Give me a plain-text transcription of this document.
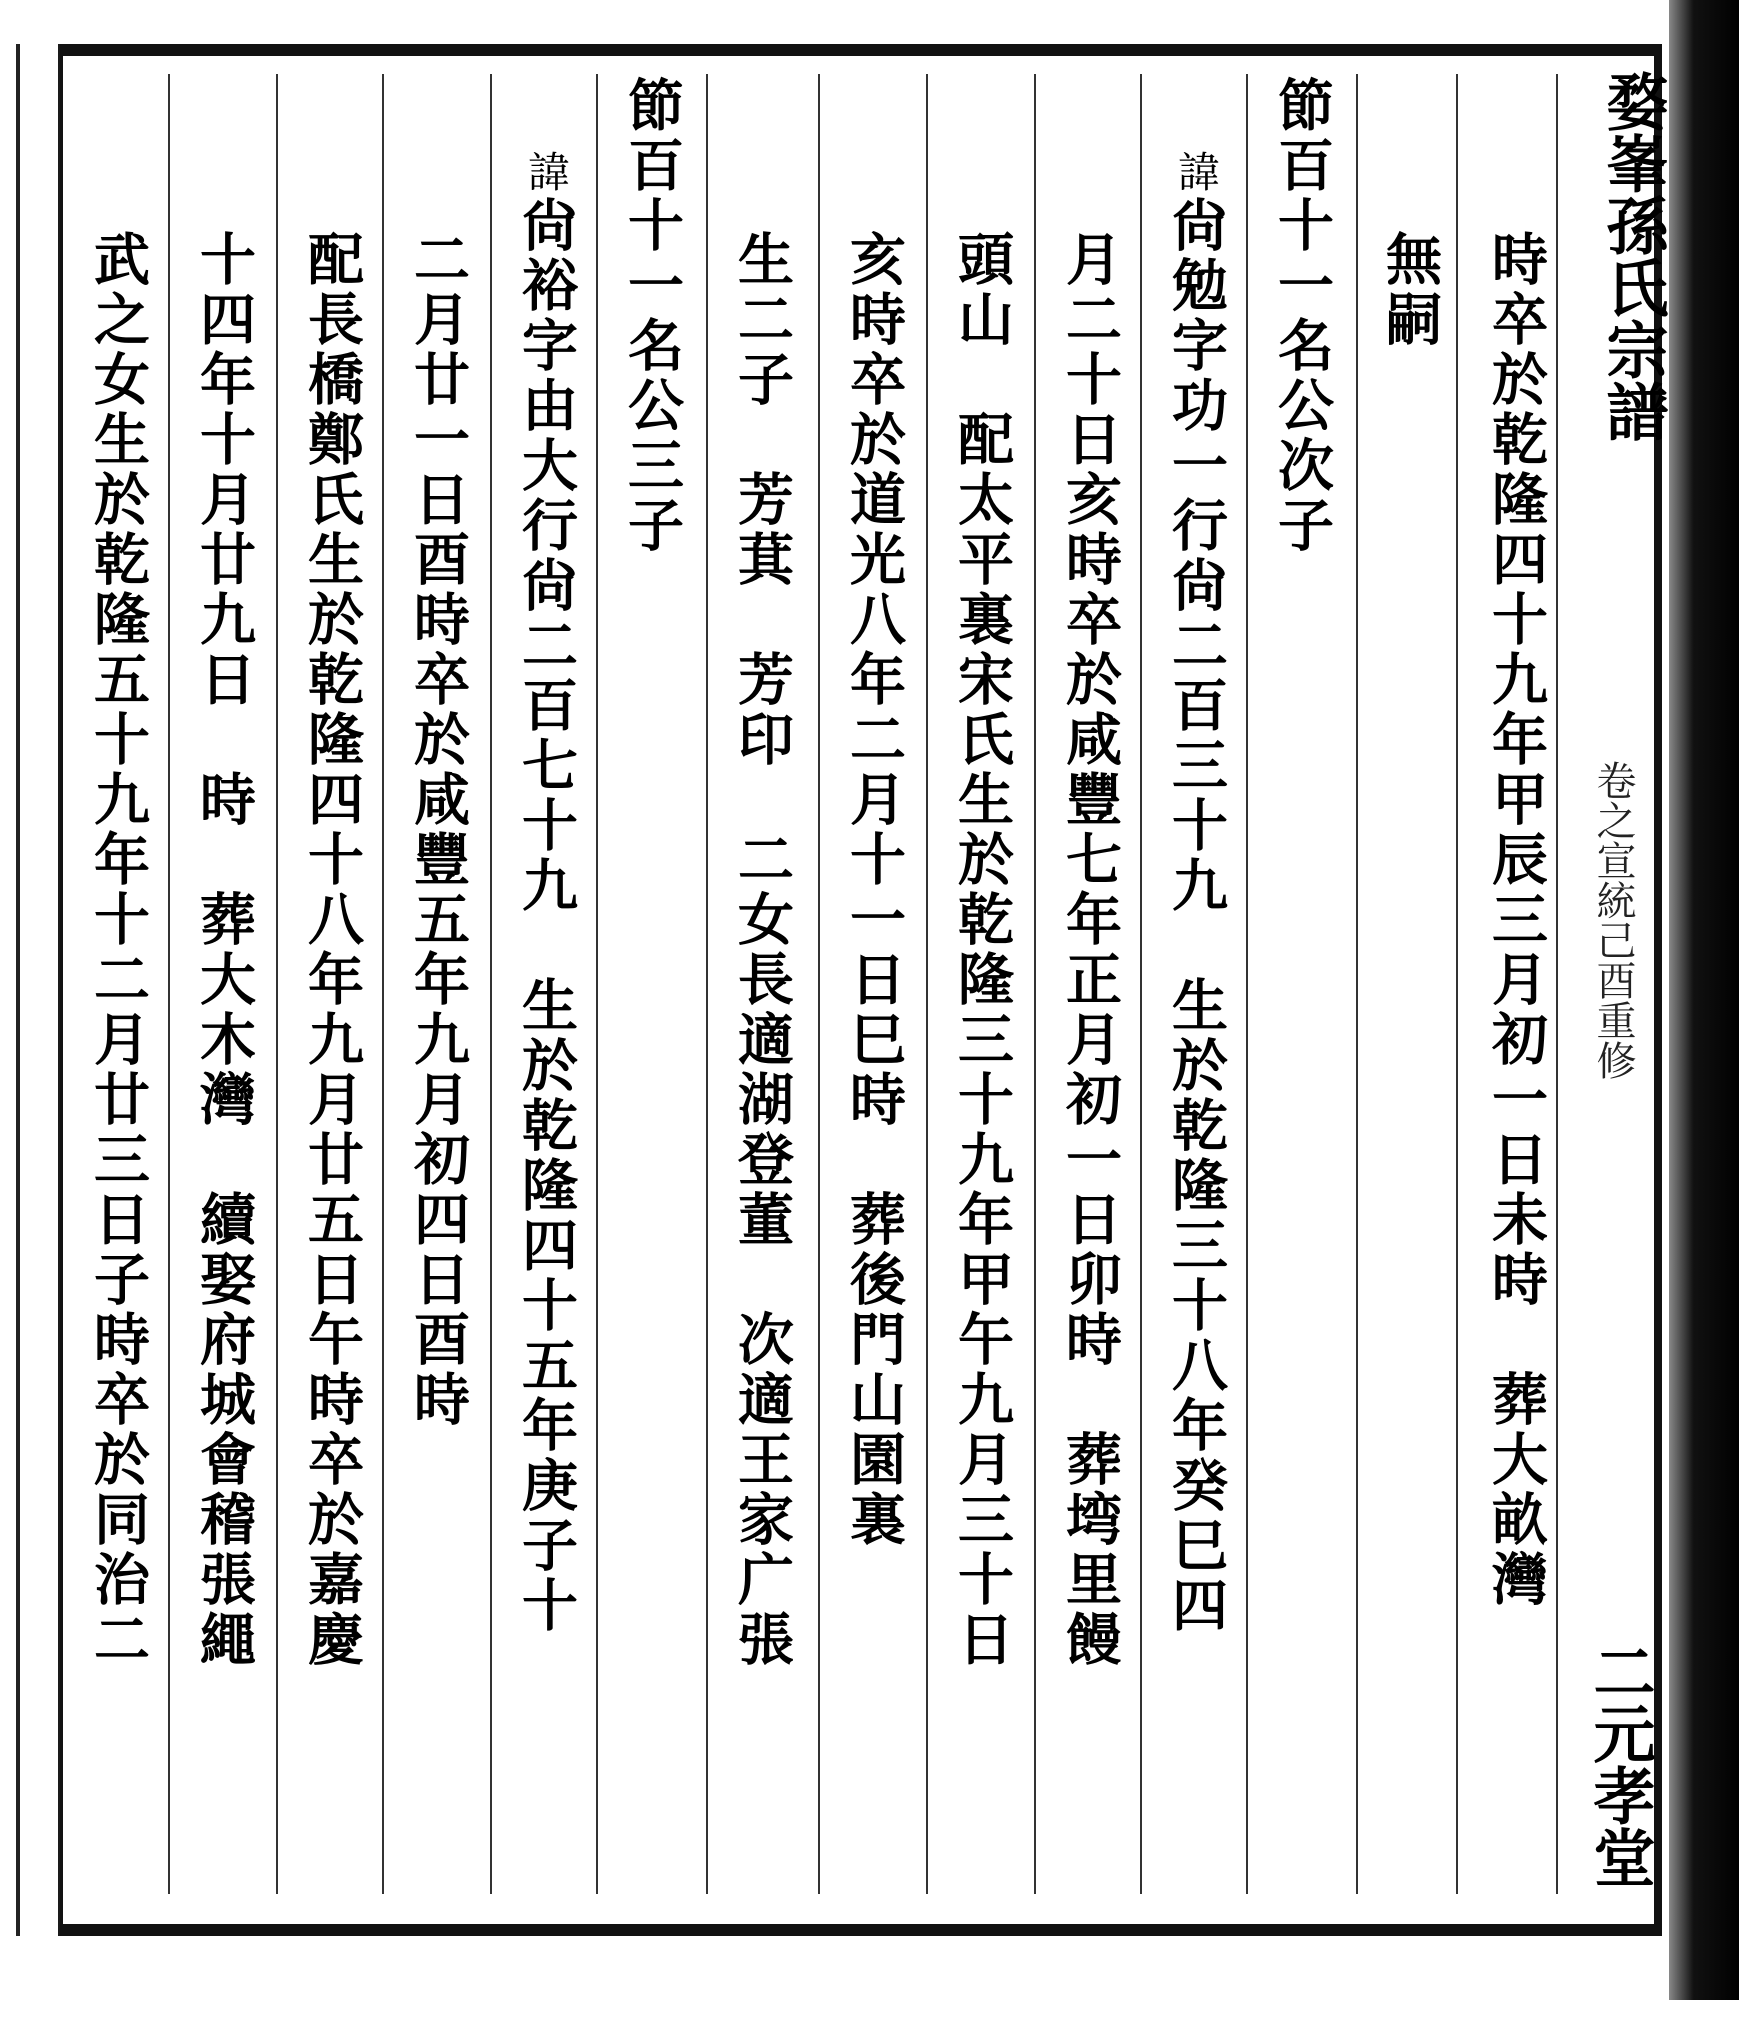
婺峯孫氏宗譜
卷之宣統己酉重修
二元孝堂
時卒於乾隆四十九年甲辰三月初一日未時　葬大畝灣
無嗣
節百十一名公次子
諱尙勉字功一行尙二百三十九　生於乾隆三十八年癸巳四
月二十日亥時卒於咸豐七年正月初一日卯時　葬塆里饅
頭山　配太平裏宋氏生於乾隆三十九年甲午九月三十日
亥時卒於道光八年二月十一日巳時　葬後門山園裏
生二子　芳萁　芳印　二女長適湖登董　次適王家广張
節百十一名公三子
諱尙裕字由大行尙二百七十九　生於乾隆四十五年庚子十
二月廿一日酉時卒於咸豐五年九月初四日酉時
配長橋鄭氏生於乾隆四十八年九月廿五日午時卒於嘉慶
十四年十月廿九日　時　葬大木灣　續娶府城會稽張繩
武之女生於乾隆五十九年十二月廿三日子時卒於同治二
